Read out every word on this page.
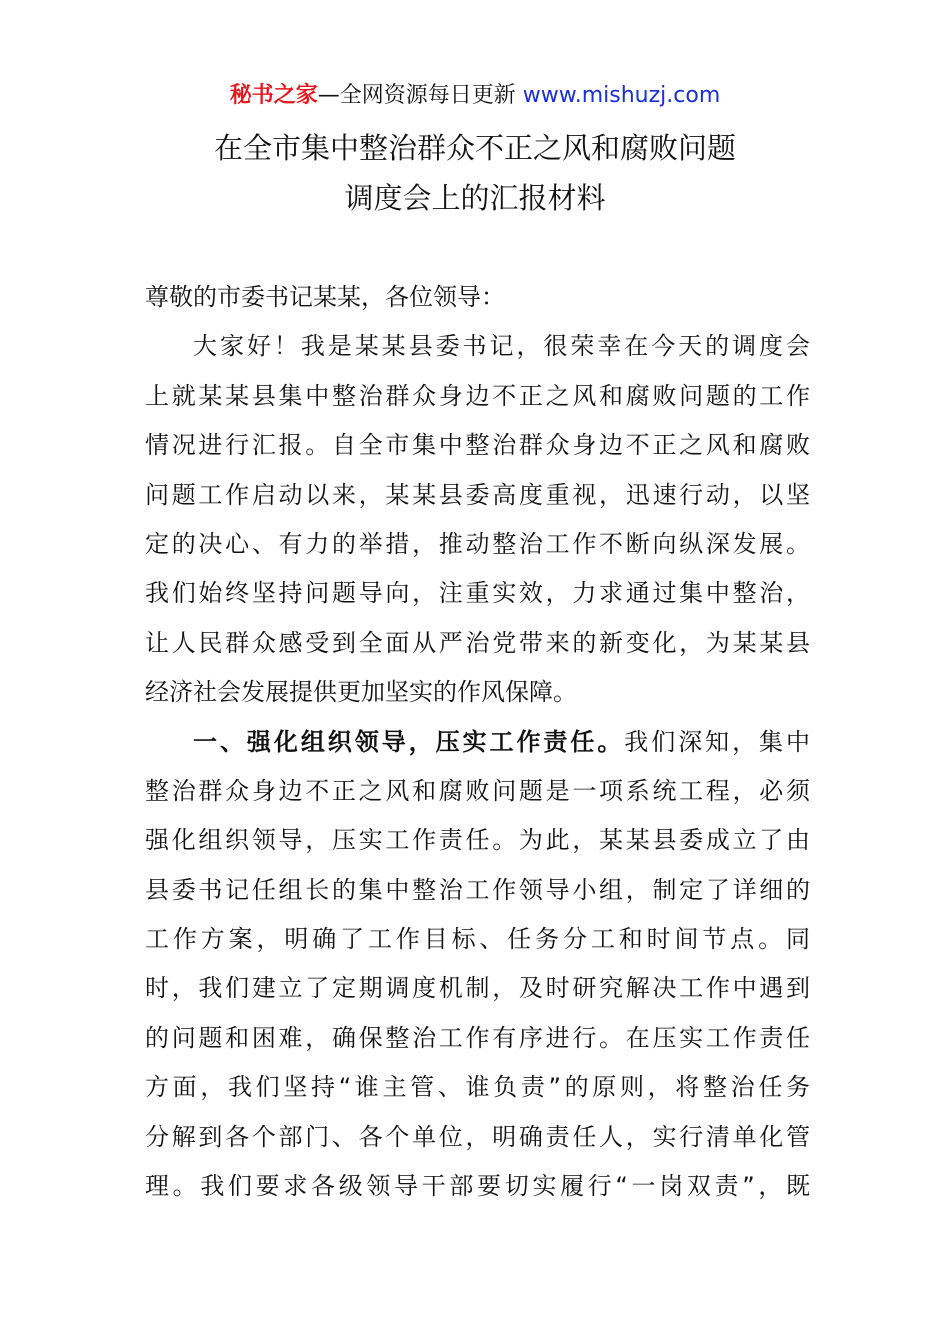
秘书之家—全网资源每日更新 www.mishuzj.com
在全市集中整治群众不正之风和腐败问题
调度会上的汇报材料
尊敬的市委书记某某，各位领导：
大家好！我是某某县委书记，很荣幸在今天的调度会
上就某某县集中整治群众身边不正之风和腐败问题的工作
情况进行汇报。自全市集中整治群众身边不正之风和腐败
问题工作启动以来，某某县委高度重视，迅速行动，以坚
定的决心、有力的举措，推动整治工作不断向纵深发展。
我们始终坚持问题导向，注重实效，力求通过集中整治，
让人民群众感受到全面从严治党带来的新变化，为某某县
经济社会发展提供更加坚实的作风保障。
一、强化组织领导，压实工作责任。我们深知，集中
整治群众身边不正之风和腐败问题是一项系统工程，必须
强化组织领导，压实工作责任。为此，某某县委成立了由
县委书记任组长的集中整治工作领导小组，制定了详细的
工作方案，明确了工作目标、任务分工和时间节点。同
时，我们建立了定期调度机制，及时研究解决工作中遇到
的问题和困难，确保整治工作有序进行。在压实工作责任
方面，我们坚持“谁主管、谁负责”的原则，将整治任务
分解到各个部门、各个单位，明确责任人，实行清单化管
理。我们要求各级领导干部要切实履行“一岗双责”，既
